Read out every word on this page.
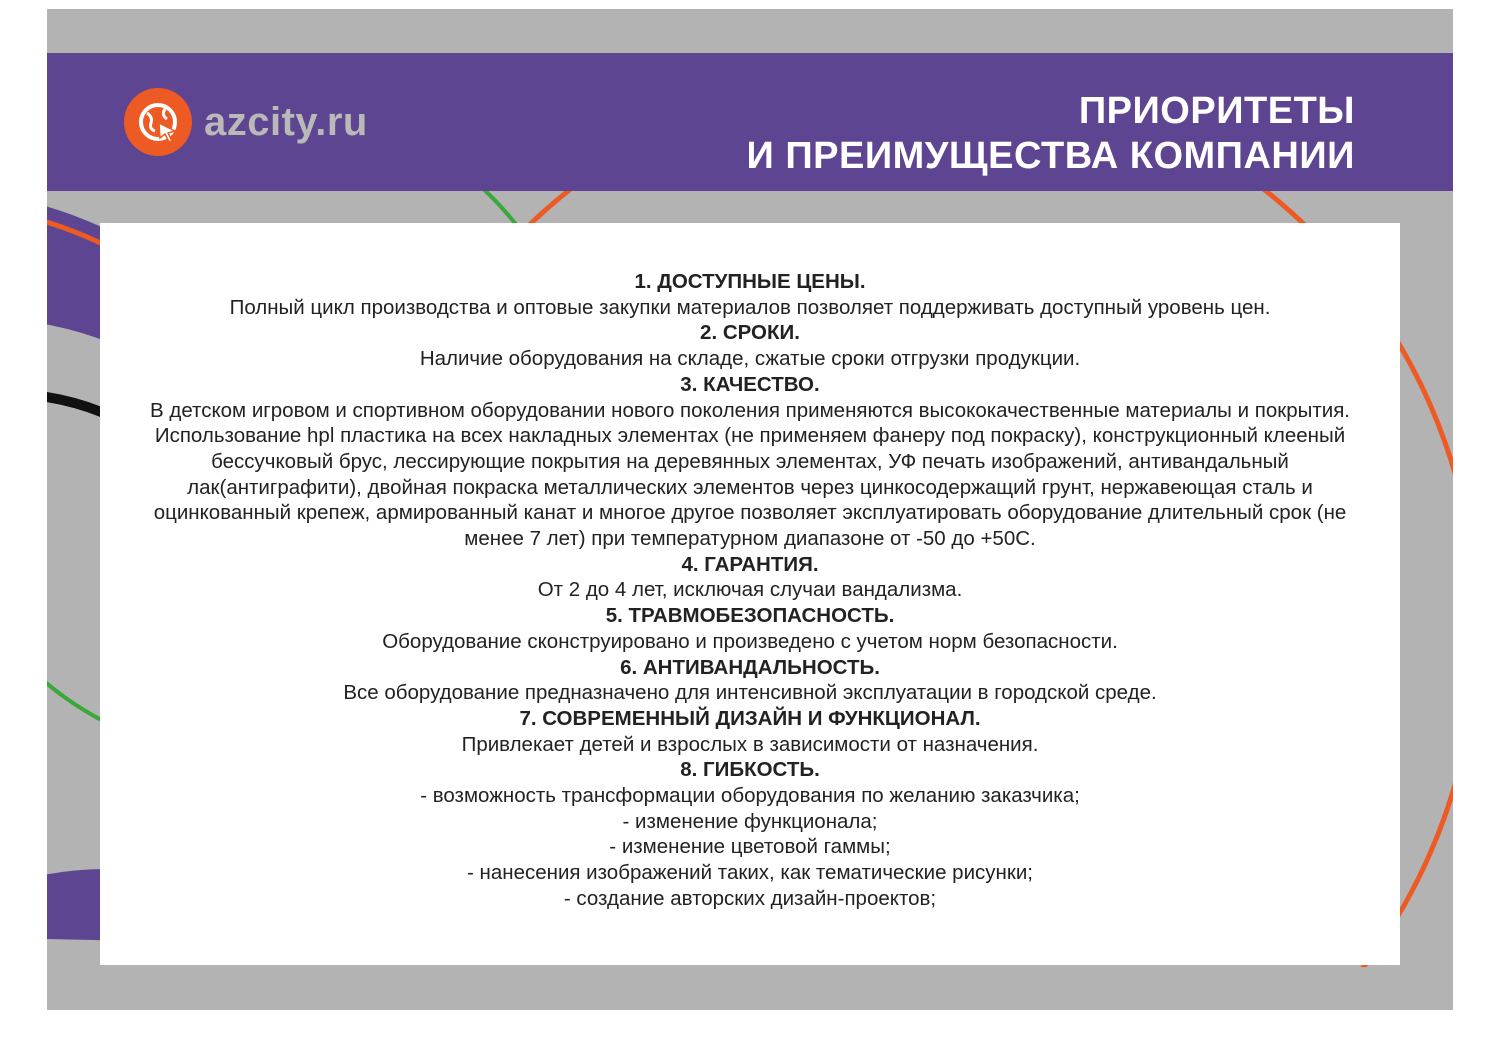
azcity.ru	ПРИОРИТЕТЫ
И ПРЕИМУЩЕСТВА КОМПАНИИ
1. ДОСТУПНЫЕ ЦЕНЫ.
Полный цикл производства и оптовые закупки материалов позволяет поддерживать доступный уровень цен.
2. СРОКИ.
Наличие оборудования на складе, сжатые сроки отгрузки продукции.
3. КАЧЕСТВО.
В детском игровом и спортивном оборудовании нового поколения применяются высококачественные материалы и покрытия. Использование hpl пластика на всех накладных элементах (не применяем фанеру под покраску), конструкционный клееный бессучковый брус, лессирующие покрытия на деревянных элементах, УФ печать изображений, антивандальный лак(антиграфити), двойная покраска металлических элементов через цинкосодержащий грунт, нержавеющая сталь и оцинкованный крепеж, армированный канат и многое другое позволяет эксплуатировать оборудование длительный срок (не менее 7 лет) при температурном диапазоне от -50 до +50С.
4. ГАРАНТИЯ.
От 2 до 4 лет, исключая случаи вандализма.
5. ТРАВМОБЕЗОПАСНОСТЬ.
Оборудование сконструировано и произведено с учетом норм безопасности.
6. АНТИВАНДАЛЬНОСТЬ.
Все оборудование предназначено для интенсивной эксплуатации в городской среде.
7. СОВРЕМЕННЫЙ ДИЗАЙН И ФУНКЦИОНАЛ.
Привлекает детей и взрослых в зависимости от назначения.
8. ГИБКОСТЬ.
- возможность трансформации оборудования по желанию заказчика;
- изменение функционала;
- изменение цветовой гаммы;
- нанесения изображений таких, как тематические рисунки;
- создание авторских дизайн-проектов;
